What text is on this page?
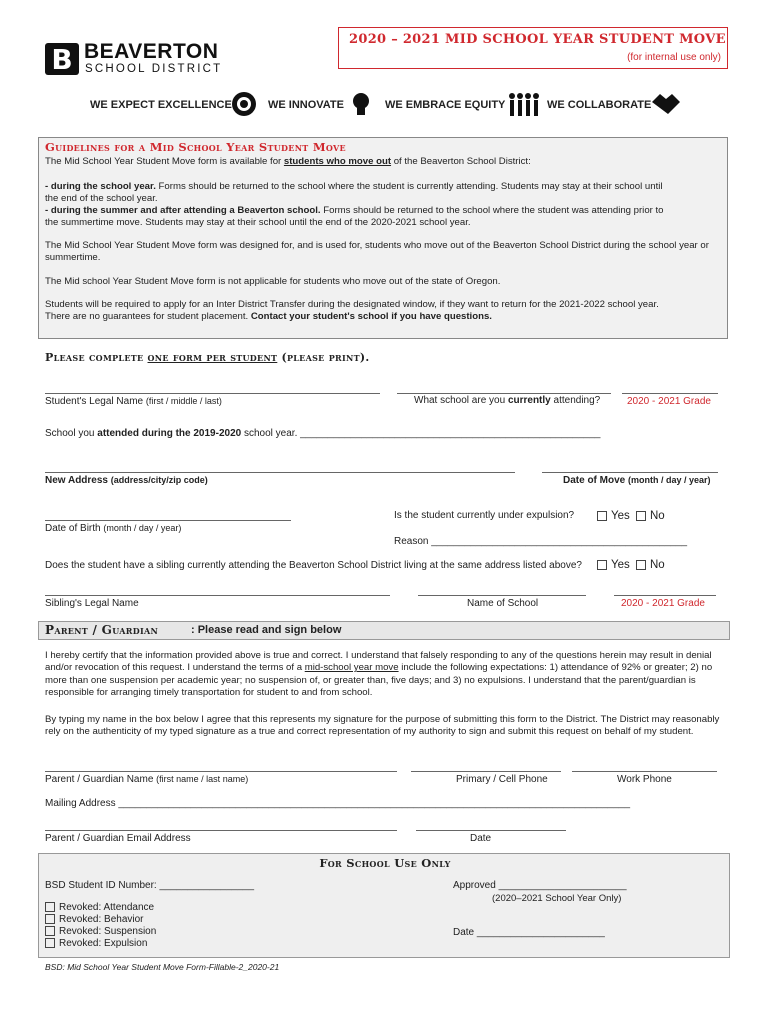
B BEAVERTON
SCHOOL DISTRICT
2020 – 2021 MID SCHOOL YEAR STUDENT MOVE
(for internal use only)
WE EXPECT EXCELLENCE	WE INNOVATE	WE EMBRACE EQUITY	WE COLLABORATE
Guidelines for a Mid School Year Student Move
The Mid School Year Student Move form is available for students who move out of the Beaverton School District:
- during the school year. Forms should be returned to the school where the student is currently attending. Students may stay at their school until
the end of the school year.
- during the summer and after attending a Beaverton school. Forms should be returned to the school where the student was attending prior to
the summertime move. Students may stay at their school until the end of the 2020-2021 school year.
The Mid School Year Student Move form was designed for, and is used for, students who move out of the Beaverton School District during the school year or summertime.
The Mid school Year Student Move form is not applicable for students who move out of the state of Oregon.
Students will be required to apply for an Inter District Transfer during the designated window, if they want to return for the 2021-2022 school year.
There are no guarantees for student placement. Contact your student's school if you have questions.
Please complete one form per student (please print).
Student's Legal Name (first / middle / last)	What school are you currently attending?	2020 - 2021 Grade
School you attended during the 2019-2020 school year. ______________________________________________________
New Address (address/city/zip code)	Date of Move (month / day / year)
Date of Birth (month / day / year)
Is the student currently under expulsion?	Yes	No
Reason ______________________________________________
Does the student have a sibling currently attending the Beaverton School District living at the same address listed above?	Yes	No
Sibling's Legal Name	Name of School	2020 - 2021 Grade
Parent / Guardian	: Please read and sign below
I hereby certify that the information provided above is true and correct. I understand that falsely responding to any of the questions herein may result in denial and/or revocation of this request. I understand the terms of a mid-school year move include the following expectations: 1) attendance of 92% or greater; 2) no more than one suspension per academic year; no suspension of, or greater than, five days; and 3) no expulsions. I understand that the parent/guardian is responsible for arranging timely transportation for student to and from school.
By typing my name in the box below I agree that this represents my signature for the purpose of submitting this form to the District. The District may reasonably rely on the authenticity of my typed signature as a true and correct representation of my authority to sign and submit this request on behalf of my student.
Parent / Guardian Name (first name / last name)	Primary / Cell Phone	Work Phone
Mailing Address ____________________________________________________________________________________________
Parent / Guardian Email Address	Date
For School Use Only
BSD Student ID Number: _________________	Approved _______________________
(2020–2021 School Year Only)
Revoked: Attendance
Revoked: Behavior
Revoked: Suspension
Revoked: Expulsion
Date _______________________
BSD: Mid School Year Student Move Form-Fillable-2_2020-21
